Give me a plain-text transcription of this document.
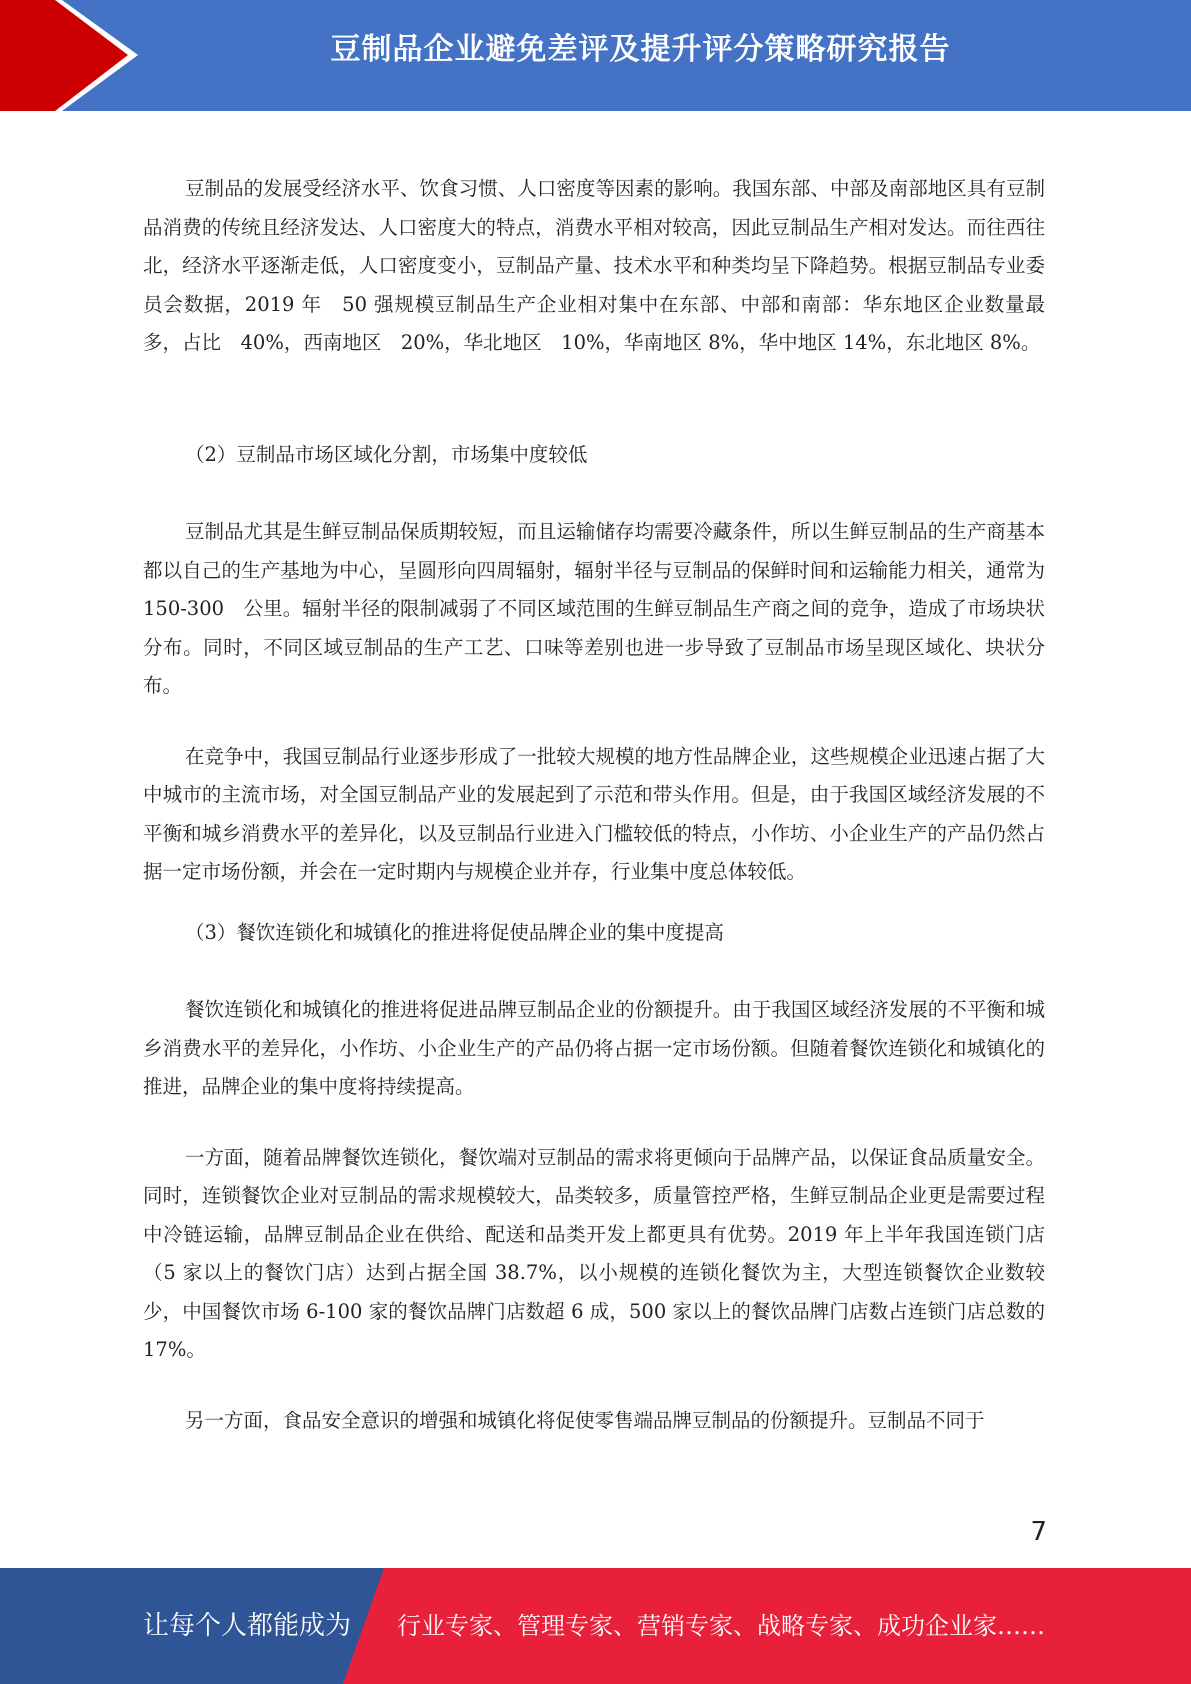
豆制品企业避免差评及提升评分策略研究报告

豆制品的发展受经济水平、饮食习惯、人口密度等因素的影响。我国东部、中部及南部地区具有豆制品消费的传统且经济发达、人口密度大的特点，消费水平相对较高，因此豆制品生产相对发达。而往西往北，经济水平逐渐走低，人口密度变小，豆制品产量、技术水平和种类均呈下降趋势。根据豆制品专业委员会数据，2019 年　50 强规模豆制品生产企业相对集中在东部、中部和南部：华东地区企业数量最多，占比　40%，西南地区　20%，华北地区　10%，华南地区 8%，华中地区 14%，东北地区 8%。

（2）豆制品市场区域化分割，市场集中度较低

豆制品尤其是生鲜豆制品保质期较短，而且运输储存均需要冷藏条件，所以生鲜豆制品的生产商基本都以自己的生产基地为中心，呈圆形向四周辐射，辐射半径与豆制品的保鲜时间和运输能力相关，通常为　150-300　公里。辐射半径的限制减弱了不同区域范围的生鲜豆制品生产商之间的竞争，造成了市场块状分布。同时，不同区域豆制品的生产工艺、口味等差别也进一步导致了豆制品市场呈现区域化、块状分布。

在竞争中，我国豆制品行业逐步形成了一批较大规模的地方性品牌企业，这些规模企业迅速占据了大中城市的主流市场，对全国豆制品产业的发展起到了示范和带头作用。但是，由于我国区域经济发展的不平衡和城乡消费水平的差异化，以及豆制品行业进入门槛较低的特点，小作坊、小企业生产的产品仍然占据一定市场份额，并会在一定时期内与规模企业并存，行业集中度总体较低。

（3）餐饮连锁化和城镇化的推进将促使品牌企业的集中度提高

餐饮连锁化和城镇化的推进将促进品牌豆制品企业的份额提升。由于我国区域经济发展的不平衡和城乡消费水平的差异化，小作坊、小企业生产的产品仍将占据一定市场份额。但随着餐饮连锁化和城镇化的推进，品牌企业的集中度将持续提高。

一方面，随着品牌餐饮连锁化，餐饮端对豆制品的需求将更倾向于品牌产品，以保证食品质量安全。同时，连锁餐饮企业对豆制品的需求规模较大，品类较多，质量管控严格，生鲜豆制品企业更是需要过程中冷链运输，品牌豆制品企业在供给、配送和品类开发上都更具有优势。2019 年上半年我国连锁门店（5 家以上的餐饮门店）达到占据全国 38.7%，以小规模的连锁化餐饮为主，大型连锁餐饮企业数较少，中国餐饮市场 6-100 家的餐饮品牌门店数超 6 成，500 家以上的餐饮品牌门店数占连锁门店总数的 17%。

另一方面，食品安全意识的增强和城镇化将促使零售端品牌豆制品的份额提升。豆制品不同于

7
让每个人都能成为 行业专家、管理专家、营销专家、战略专家、成功企业家……
